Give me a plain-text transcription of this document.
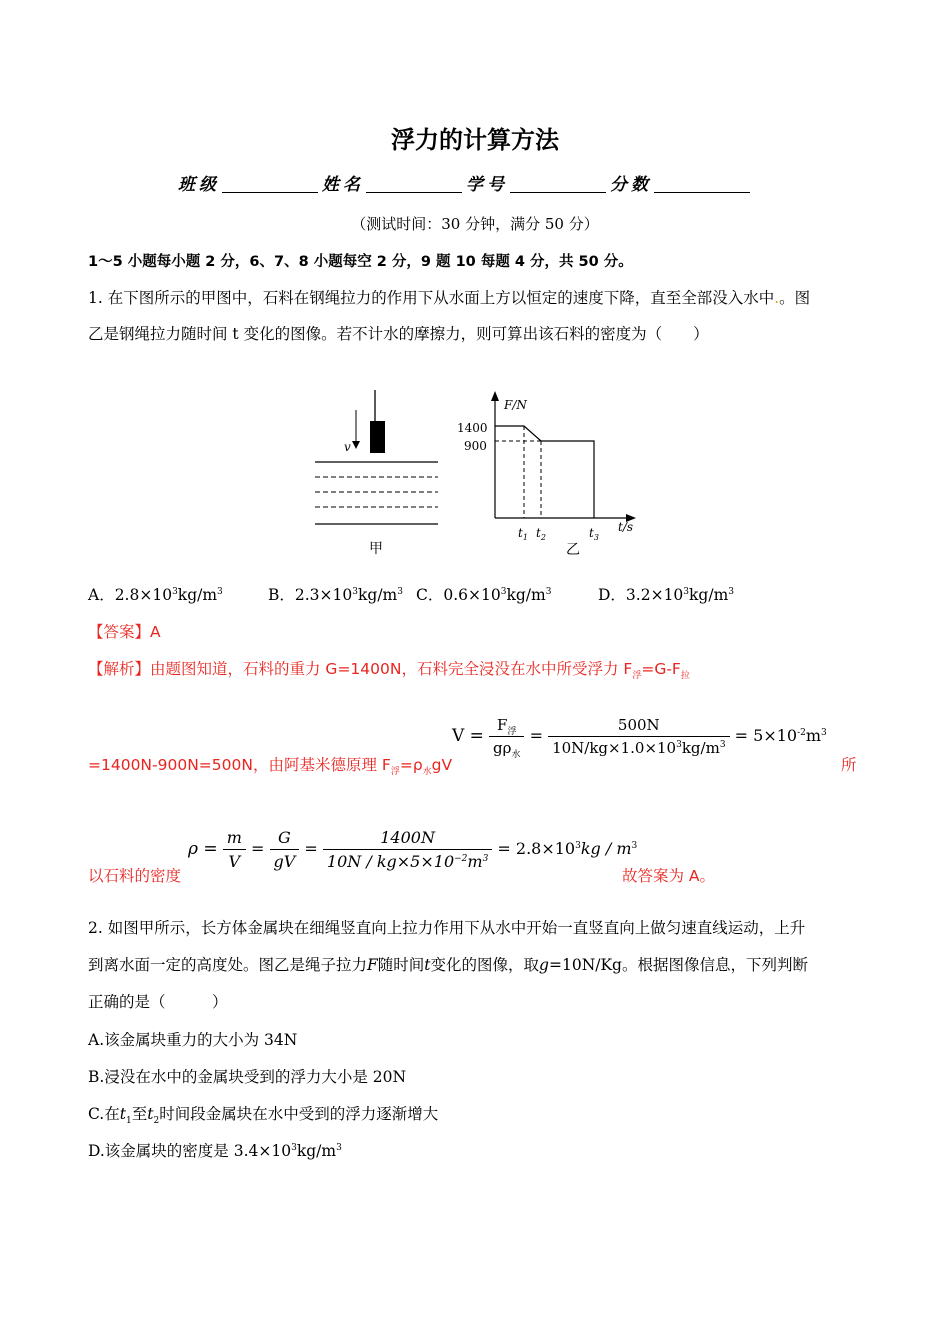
浮力的计算方法
班级	姓名	学号	分数
（测试时间：30 分钟，满分 50 分）
1～5 小题每小题 2 分，6、7、8 小题每空 2 分，9 题 10 每题 4 分，共 50 分。
1. 在下图所示的甲图中，石料在钢绳拉力的作用下从水面上方以恒定的速度下降，直至全部没入水中.。图
乙是钢绳拉力随时间 t 变化的图像。若不计水的摩擦力，则可算出该石料的密度为（　　）
v
甲
F/N
t/s
1400
900
$t_1$ $t_2$	$t_3$
乙
A．$2.8\times 10^3kg/m^3$	B．$2.3\times 10^3kg/m^3$ C．$0.6\times 10^3kg/m^3$	D．$3.2\times 10^3kg/m^3$
【答案】A
【解析】由题图知道，石料的重力 G=1400N，石料完全浸没在水中所受浮力 $F_浮=G-F_拉$
=1400N-900N=500N，由阿基米德原理 $F_浮=\rho_水gV$
$V = \frac{F_浮}{g\rho_水} = \frac{500N}{10N/kg\times 1.0\times 10^3kg/m^3} = 5\times 10^{-2}m^3$
所
以石料的密度
$\rho = \frac{m}{V} = \frac{G}{gV} = \frac{1400N}{10N / kg\times 5\times 10^{-2}m^3} = 2.8\times 10^3kg / m^3$
故答案为 A。
2. 如图甲所示，长方体金属块在细绳竖直向上拉力作用下从水中开始一直竖直向上做匀速直线运动，上升
到离水面一定的高度处。图乙是绳子拉力F随时间t变化的图像，取g=10N/Kg。根据图像信息，下列判断
正确的是（　　　）
A.该金属块重力的大小为 34N
B.浸没在水中的金属块受到的浮力大小是 20N
C.在$t_1$至$t_2$时间段金属块在水中受到的浮力逐渐增大
D.该金属块的密度是 $3.4\times 10^3kg/m^3$
